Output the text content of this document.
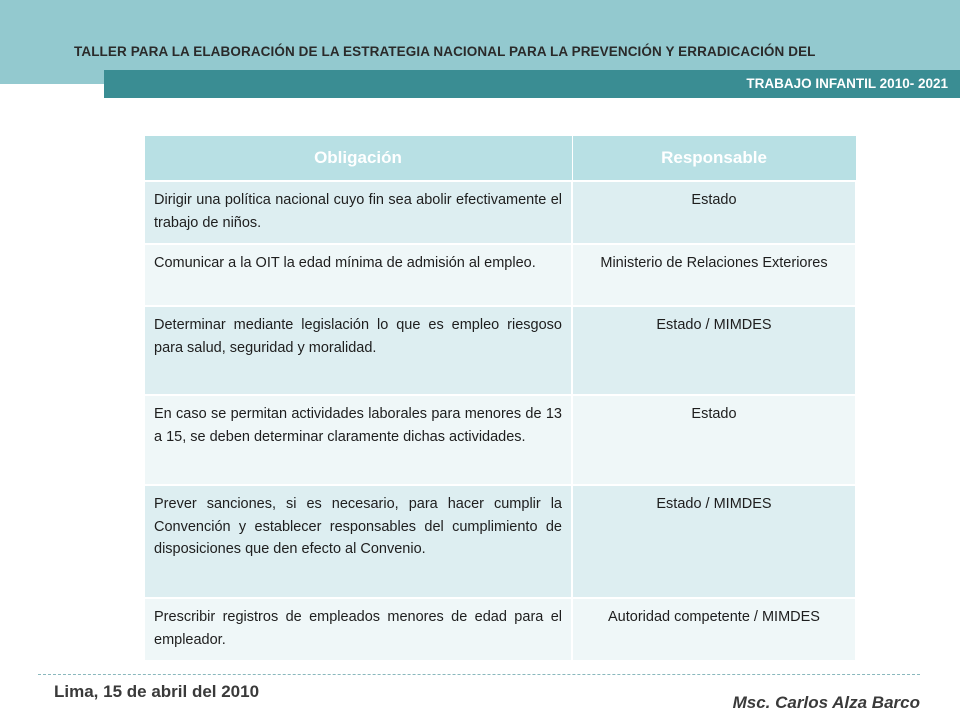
TALLER PARA LA ELABORACIÓN DE LA ESTRATEGIA NACIONAL PARA LA PREVENCIÓN Y ERRADICACIÓN DEL
TRABAJO INFANTIL 2010- 2021
Obligación	Responsable
Dirigir una política nacional cuyo fin sea abolir efectivamente el trabajo de niños.	Estado
Comunicar a la OIT la edad mínima de admisión al empleo.	Ministerio de Relaciones Exteriores
Determinar mediante legislación lo que es empleo riesgoso para salud, seguridad y moralidad.	Estado / MIMDES
En caso se permitan actividades laborales para menores de 13 a 15, se deben determinar claramente dichas actividades.	Estado
Prever sanciones, si es necesario, para hacer cumplir la Convención y establecer responsables del cumplimiento de disposiciones que den efecto al Convenio.	Estado / MIMDES
Prescribir registros de empleados menores de edad para el empleador.	Autoridad competente / MIMDES
Lima, 15 de abril del 2010
Msc. Carlos Alza Barco
